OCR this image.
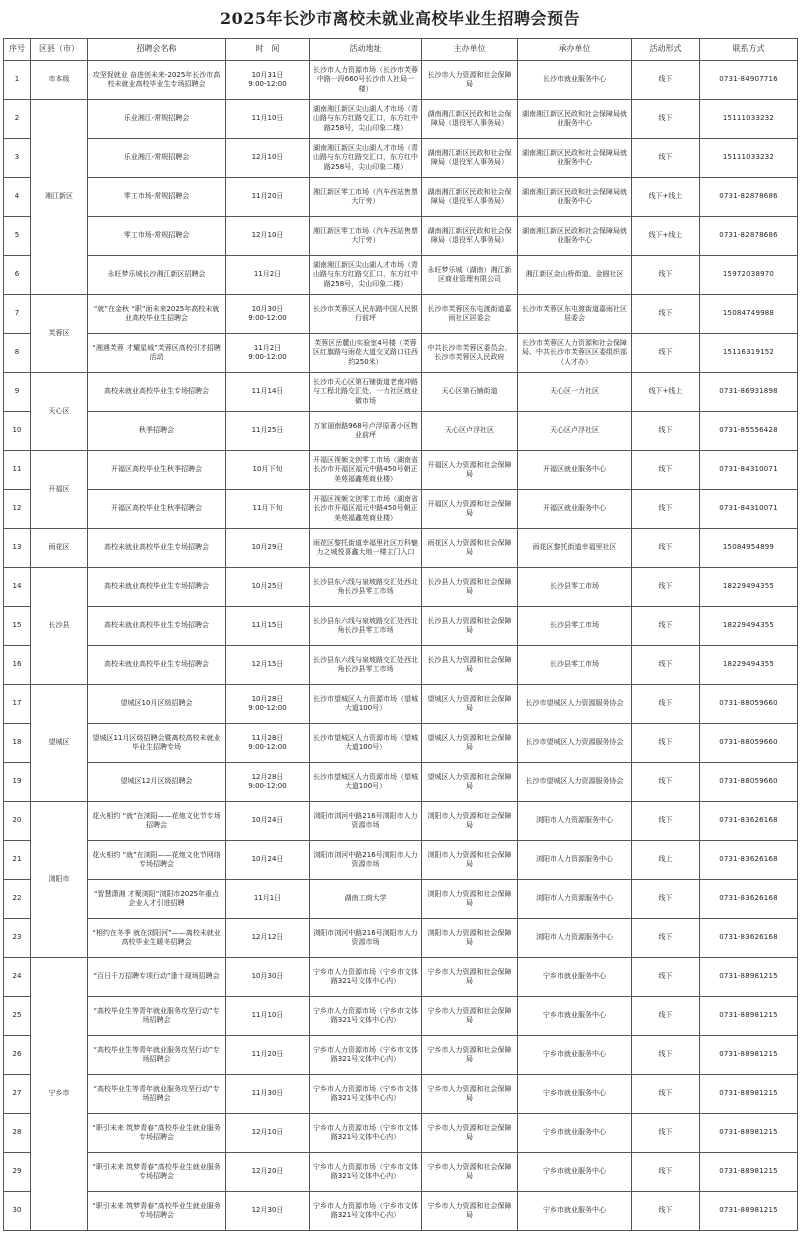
2025年长沙市离校未就业高校毕业生招聘会预告
序号	区县（市）	招聘会名称	时　间	活动地址	主办单位	承办单位	活动形式	联系方式
1	市本级	攻坚促就业 奋进创未来-2025年长沙市高校未就业高校毕业生专场招聘会	10月31日
9:00-12:00	长沙市人力资源市场（长沙市芙蓉中路一段660号长沙市人社局一楼）	长沙市人力资源和社会保障局	长沙市就业服务中心	线下	0731-84907716
2	湘江新区	乐业湘江-常规招聘会	11月10日	湖南湘江新区尖山湖人才市场（青山路与东方红路交汇口，东方红中路258号，尖山印象二楼）	湖南湘江新区民政和社会保障局（退役军人事务局）	湖南湘江新区民政和社会保障局就业服务中心	线下	15111033232
3		乐业湘江-常规招聘会	12月10日	湖南湘江新区尖山湖人才市场（青山路与东方红路交汇口，东方红中路258号，尖山印象二楼）	湖南湘江新区民政和社会保障局（退役军人事务局）	湖南湘江新区民政和社会保障局就业服务中心	线下	15111033232
4		零工市场-常规招聘会	11月20日	湘江新区零工市场（汽车西站售票大厅旁）	湖南湘江新区民政和社会保障局（退役军人事务局）	湖南湘江新区民政和社会保障局就业服务中心	线下+线上	0731-82878686
5		零工市场-常规招聘会	12月10日	湘江新区零工市场（汽车西站售票大厅旁）	湖南湘江新区民政和社会保障局（退役军人事务局）	湖南湘江新区民政和社会保障局就业服务中心	线下+线上	0731-82878686
6		永旺梦乐城长沙湘江新区招聘会	11月2日	湖南湘江新区尖山湖人才市场（青山路与东方红路交汇口，东方红中路258号，尖山印象二楼）	永旺梦乐城（湖南）湘江新区商业管理有限公司	湘江新区金山桥街道、金圆社区	线下	15972038970
7	芙蓉区	“就”在金秋 “职”面未来2025年高校未就业高校毕业生招聘会	10月30日
9:00-12:00	长沙市芙蓉区人民东路中国人民银行前坪	长沙市芙蓉区东屯渡街道嘉雨社区居委会	长沙市芙蓉区东屯渡街道嘉雨社区居委会	线下	15084749988
8		“湘遇芙蓉 才耀星城”芙蓉区高校引才招聘活动	11月2日
9:00-12:00	芙蓉区岳麓山实验室4号楼（芙蓉区红旗路与雨花大道交叉路口往西约250米）	中共长沙市芙蓉区委员会、长沙市芙蓉区人民政府	长沙市芙蓉区人力资源和社会保障局、中共长沙市芙蓉区区委组织部（人才办）	线下	15116319152
9	天心区	高校未就业高校毕业生专场招聘会	11月14日	长沙市天心区第石铺街道老南冲路与工程北路交汇处，一力社区就业微市场	天心区第石铺街道	天心区一力社区	线下+线上	0731-86931898
10		秋季招聘会	11月25日	万家丽南路968号卢浮原著小区物业前坪	天心区卢浮社区	天心区卢浮社区	线下	0731-85556428
11	开福区	开福区高校毕业生秋季招聘会	10月下旬	开福区视频文创零工市场（湖南省长沙市开福区福元中路450号朝正美苑福鑫苑商业楼）	开福区人力资源和社会保障局	开福区就业服务中心	线下	0731-84310071
12		开福区高校毕业生秋季招聘会	11月下旬	开福区视频文创零工市场（湖南省长沙市开福区福元中路450号朝正美苑福鑫苑商业楼）	开福区人力资源和社会保障局	开福区就业服务中心	线下	0731-84310071
13	雨花区	高校未就业高校毕业生专场招聘会	10月29日	雨花区黎托街道幸福里社区万科魅力之城悦喜鑫大地一楼主门入口	雨花区人力资源和社会保障局	雨花区黎托街道幸福里社区	线下	15084954899
14	长沙县	高校未就业高校毕业生专场招聘会	10月25日	长沙县东六线与泉坡路交汇处西北角长沙县零工市场	长沙县人力资源和社会保障局	长沙县零工市场	线下	18229494355
15		高校未就业高校毕业生专场招聘会	11月15日	长沙县东六线与泉坡路交汇处西北角长沙县零工市场	长沙县人力资源和社会保障局	长沙县零工市场	线下	18229494355
16		高校未就业高校毕业生专场招聘会	12月15日	长沙县东六线与泉坡路交汇处西北角长沙县零工市场	长沙县人力资源和社会保障局	长沙县零工市场	线下	18229494355
17	望城区	望城区10月区级招聘会	10月28日
9:00-12:00	长沙市望城区人力资源市场（望城大道100号）	望城区人力资源和社会保障局	长沙市望城区人力资源服务协会	线下	0731-88059660
18		望城区11月区级招聘会暨离校高校未就业毕业生招聘专场	11月28日
9:00-12:00	长沙市望城区人力资源市场（望城大道100号）	望城区人力资源和社会保障局	长沙市望城区人力资源服务协会	线下	0731-88059660
19		望城区12月区级招聘会	12月28日
9:00-12:00	长沙市望城区人力资源市场（望城大道100号）	望城区人力资源和社会保障局	长沙市望城区人力资源服务协会	线下	0731-88059660
20	浏阳市	花火相约 “就”在浏阳——花炮文化节专场招聘会	10月24日	浏阳市浏河中路216号浏阳市人力资源市场	浏阳市人力资源和社会保障局	浏阳市人力资源服务中心	线下	0731-83626168
21		花火相约 “就”在浏阳——花炮文化节网络专场招聘会	10月24日	浏阳市浏河中路216号浏阳市人力资源市场	浏阳市人力资源和社会保障局	浏阳市人力资源服务中心	线上	0731-83626168
22		“智慧潇湘 才聚浏阳”浏阳市2025年重点企业人才引进招聘	11月1日	湖南工商大学	浏阳市人力资源和社会保障局	浏阳市人力资源服务中心	线下	0731-83626168
23		“相约在冬季 就在浏阳河”——离校未就业高校毕业生暖冬招聘会	12月12日	浏阳市浏河中路216号浏阳市人力资源市场	浏阳市人力资源和社会保障局	浏阳市人力资源服务中心	线下	0731-83626168
24	宁乡市	“百日千万招聘专项行动”逢十现场招聘会	10月30日	宁乡市人力资源市场（宁乡市文体路321号文体中心内）	宁乡市人力资源和社会保障局	宁乡市就业服务中心	线下	0731-88981215
25		“高校毕业生等青年就业服务攻坚行动”专场招聘会	11月10日	宁乡市人力资源市场（宁乡市文体路321号文体中心内）	宁乡市人力资源和社会保障局	宁乡市就业服务中心	线下	0731-88981215
26		“高校毕业生等青年就业服务攻坚行动”专场招聘会	11月20日	宁乡市人力资源市场（宁乡市文体路321号文体中心内）	宁乡市人力资源和社会保障局	宁乡市就业服务中心	线下	0731-88981215
27		“高校毕业生等青年就业服务攻坚行动”专场招聘会	11月30日	宁乡市人力资源市场（宁乡市文体路321号文体中心内）	宁乡市人力资源和社会保障局	宁乡市就业服务中心	线下	0731-88981215
28		“职引未来 筑梦青春”高校毕业生就业服务专场招聘会	12月10日	宁乡市人力资源市场（宁乡市文体路321号文体中心内）	宁乡市人力资源和社会保障局	宁乡市就业服务中心	线下	0731-88981215
29		“职引未来 筑梦青春”高校毕业生就业服务专场招聘会	12月20日	宁乡市人力资源市场（宁乡市文体路321号文体中心内）	宁乡市人力资源和社会保障局	宁乡市就业服务中心	线下	0731-88981215
30		“职引未来 筑梦青春”高校毕业生就业服务专场招聘会	12月30日	宁乡市人力资源市场（宁乡市文体路321号文体中心内）	宁乡市人力资源和社会保障局	宁乡市就业服务中心	线下	0731-88981215
